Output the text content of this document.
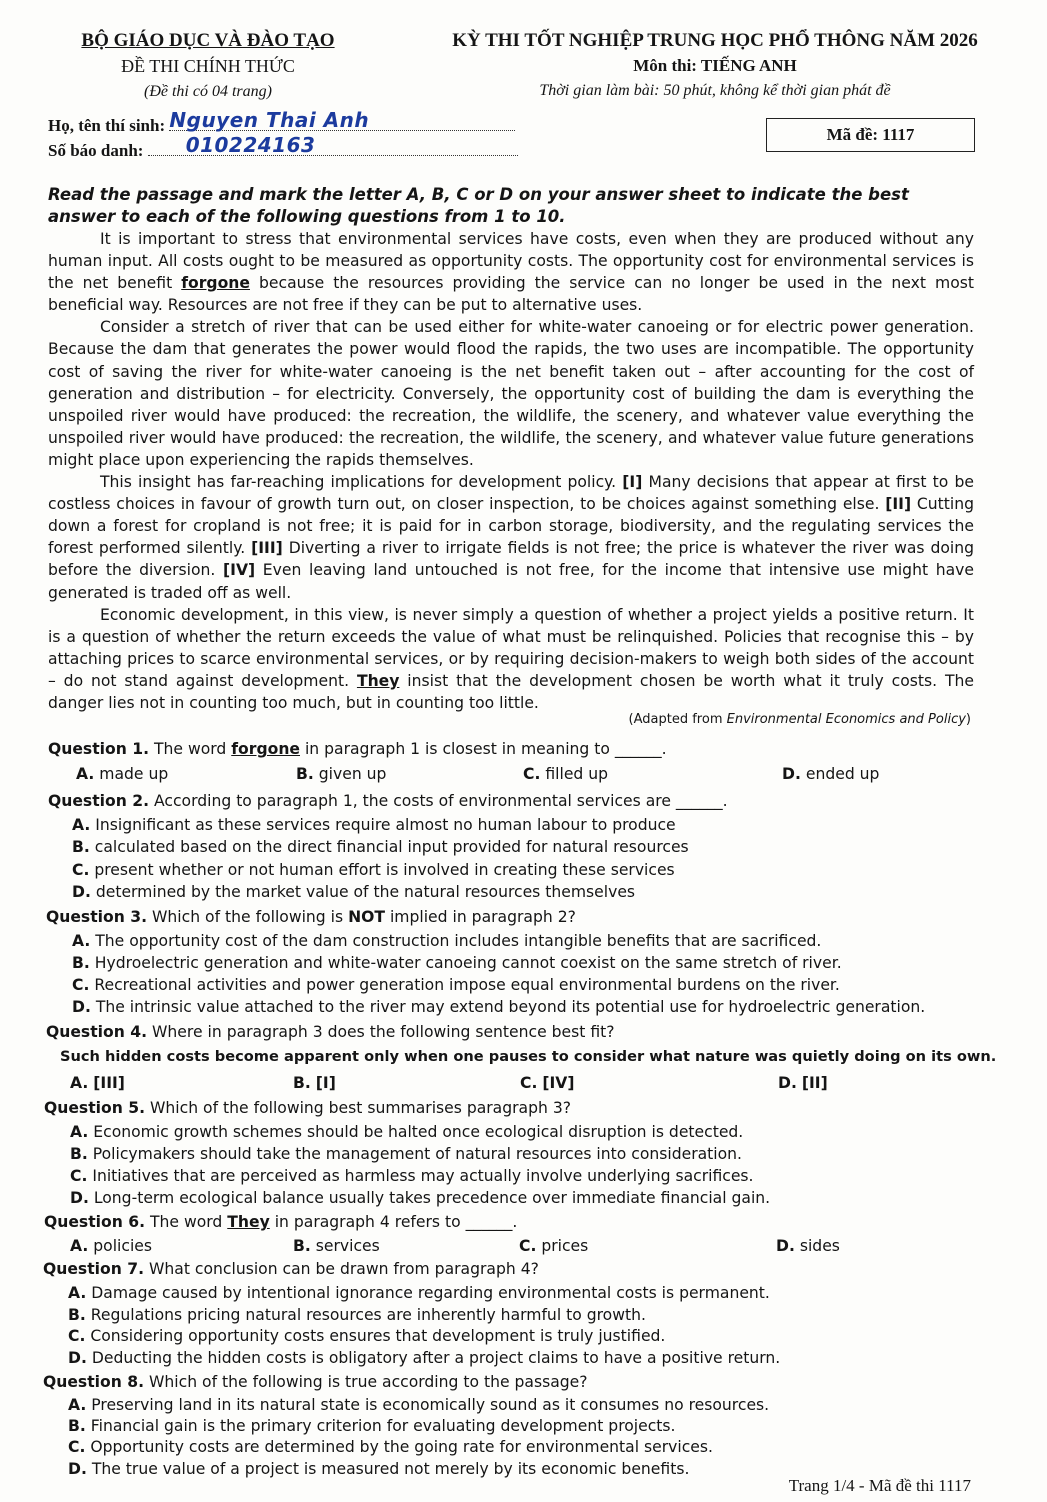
BỘ GIÁO DỤC VÀ ĐÀO TẠO
ĐỀ THI CHÍNH THỨC
(Đề thi có 04 trang)
KỲ THI TỐT NGHIỆP TRUNG HỌC PHỔ THÔNG NĂM 2026
Môn thi: TIẾNG ANH
Thời gian làm bài: 50 phút, không kể thời gian phát đề
Họ, tên thí sinh: Nguyen Thai Anh
Số báo danh: 010224163	Mã đề: 1117
Read the passage and mark the letter A, B, C or D on your answer sheet to indicate the best answer to each of the following questions from 1 to 10.

It is important to stress that environmental services have costs, even when they are produced without any human input. All costs ought to be measured as opportunity costs. The opportunity cost for environmental services is the net benefit forgone because the resources providing the service can no longer be used in the next most beneficial way. Resources are not free if they can be put to alternative uses.

Consider a stretch of river that can be used either for white-water canoeing or for electric power generation. Because the dam that generates the power would flood the rapids, the two uses are incompatible. The opportunity cost of saving the river for white-water canoeing is the net benefit taken out – after accounting for the cost of generation and distribution – for electricity. Conversely, the opportunity cost of building the dam is everything the unspoiled river would have produced: the recreation, the wildlife, the scenery, and whatever value everything the unspoiled river would have produced: the recreation, the wildlife, the scenery, and whatever value future generations might place upon experiencing the rapids themselves.

This insight has far-reaching implications for development policy. [I] Many decisions that appear at first to be costless choices in favour of growth turn out, on closer inspection, to be choices against something else. [II] Cutting down a forest for cropland is not free; it is paid for in carbon storage, biodiversity, and the regulating services the forest performed silently. [III] Diverting a river to irrigate fields is not free; the price is whatever the river was doing before the diversion. [IV] Even leaving land untouched is not free, for the income that intensive use might have generated is traded off as well.

Economic development, in this view, is never simply a question of whether a project yields a positive return. It is a question of whether the return exceeds the value of what must be relinquished. Policies that recognise this – by attaching prices to scarce environmental services, or by requiring decision-makers to weigh both sides of the account – do not stand against development. They insist that the development chosen be worth what it truly costs. The danger lies not in counting too much, but in counting too little.

(Adapted from Environmental Economics and Policy)
Question 1. The word forgone in paragraph 1 is closest in meaning to ______.
A. made up	B. given up	C. filled up	D. ended up
Question 2. According to paragraph 1, the costs of environmental services are ______.
A. Insignificant as these services require almost no human labour to produce
B. calculated based on the direct financial input provided for natural resources
C. present whether or not human effort is involved in creating these services
D. determined by the market value of the natural resources themselves
Question 3. Which of the following is NOT implied in paragraph 2?
A. The opportunity cost of the dam construction includes intangible benefits that are sacrificed.
B. Hydroelectric generation and white-water canoeing cannot coexist on the same stretch of river.
C. Recreational activities and power generation impose equal environmental burdens on the river.
D. The intrinsic value attached to the river may extend beyond its potential use for hydroelectric generation.
Question 4. Where in paragraph 3 does the following sentence best fit?
Such hidden costs become apparent only when one pauses to consider what nature was quietly doing on its own.
A. [III]	B. [I]	C. [IV]	D. [II]
Question 5. Which of the following best summarises paragraph 3?
A. Economic growth schemes should be halted once ecological disruption is detected.
B. Policymakers should take the management of natural resources into consideration.
C. Initiatives that are perceived as harmless may actually involve underlying sacrifices.
D. Long-term ecological balance usually takes precedence over immediate financial gain.
Question 6. The word They in paragraph 4 refers to ______.
A. policies	B. services	C. prices	D. sides
Question 7. What conclusion can be drawn from paragraph 4?
A. Damage caused by intentional ignorance regarding environmental costs is permanent.
B. Regulations pricing natural resources are inherently harmful to growth.
C. Considering opportunity costs ensures that development is truly justified.
D. Deducting the hidden costs is obligatory after a project claims to have a positive return.
Question 8. Which of the following is true according to the passage?
A. Preserving land in its natural state is economically sound as it consumes no resources.
B. Financial gain is the primary criterion for evaluating development projects.
C. Opportunity costs are determined by the going rate for environmental services.
D. The true value of a project is measured not merely by its economic benefits.
Trang 1/4 - Mã đề thi 1117
